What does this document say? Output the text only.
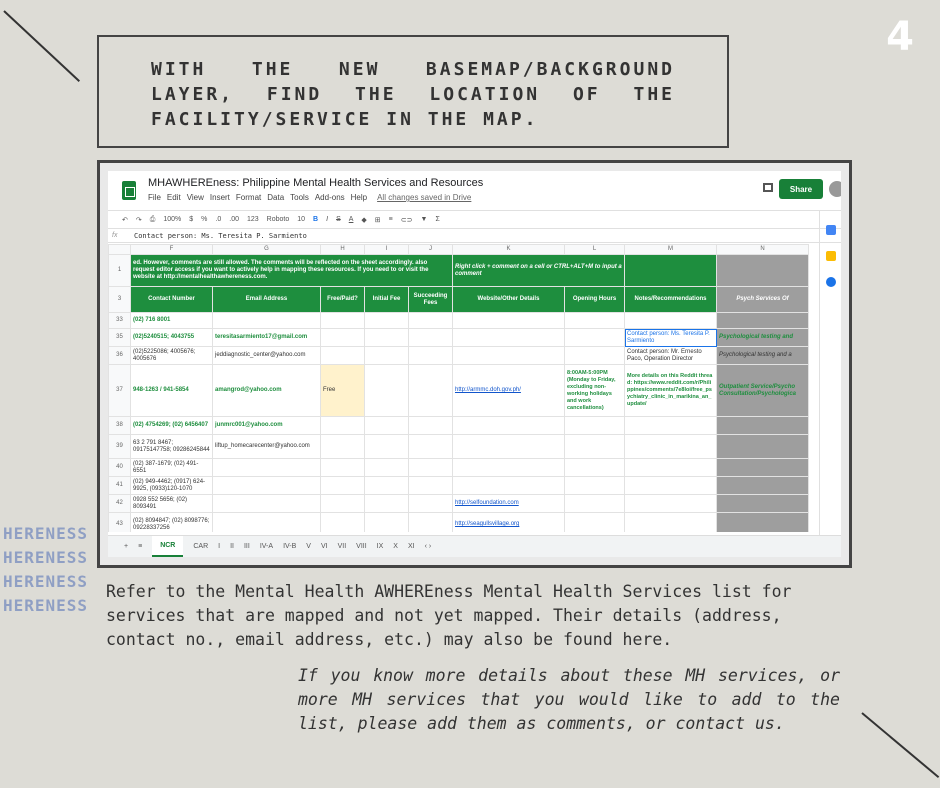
4
WITH THE NEW BASEMAP/BACKGROUND LAYER, FIND THE LOCATION OF THE FACILITY/SERVICE IN THE MAP.
MHAWHEREness: Philippine Mental Health Services and Resources
File Edit View Insert Format Data Tools Add-ons Help All changes saved in Drive
Share
↶ ↷ ⎙ 100% $ % .0 .00 123 Roboto 10 B I S A ◆ ⊞ ≡ ⊂⊃ ▼ Σ
fx	Contact person: Ms. Teresita P. Sarmiento
	F	G	H	I	J	K	L	M	N
1	ed. However, comments are still allowed. The comments will be reflected on the sheet accordingly. also request editor access if you want to actively help in mapping these resources. If you need to or visit the website at http://mentalhealthawhereness.com.					Right click + comment on a cell or CTRL+ALT+M to input a comment			
3	Contact Number	Email Address	Free/Paid?	Initial Fee	Succeeding Fees	Website/Other Details	Opening Hours	Notes/Recommendations	Psych Services Of
33	(02) 716 8001								
35	(02)5240515; 4043755	teresitasarmiento17@gmail.com						Contact person: Ms. Teresita P. Sarmiento	Psychological testing and
36	(02)5225086; 4005676; 4005676	jeddiagnostic_center@yahoo.com						Contact person: Mr. Ernesto Paco, Operation Director	Psychological testing and a
37	948-1263 / 941-5854	amangrod@yahoo.com	Free			http://armmc.doh.gov.ph/	8:00AM-5:00PM (Monday to Friday, excluding non-working holidays and work cancellations)	More details on this Reddit thread: https://www.reddit.com/r/Philippines/comments/7e8loi/free_psychiatry_clinic_in_marikina_an_update/	Outpatient Service/Psycho Consultation/Psychologica
38	(02) 4754269; (02) 6456407	junmrc001@yahoo.com							
39	63 2 791 8467; 09175147758; 09286245844	liftup_homecarecenter@yahoo.com							
40	(02) 387-1679; (02) 491-6551								
41	(02) 949-4462; (0917) 624-9925, (0933)120-1070								
42	0928 552 5656; (02) 8093491					http://selfoundation.com			
43	(02) 8094847; (02) 8098776; 09228337256					http://seagullsvillage.org			
+ ≡	NCR	CAR I II III IV-A IV-B V VI VII VIII IX X XI ‹ ›
HERENESS
HERENESS
HERENESS
HERENESS
Refer to the Mental Health AWHEREness Mental Health Services list for services that are mapped and not yet mapped. Their details (address, contact no., email address, etc.) may also be found here.
If you know more details about these MH services, or more MH services that you would like to add to the list, please add them as comments, or contact us.
